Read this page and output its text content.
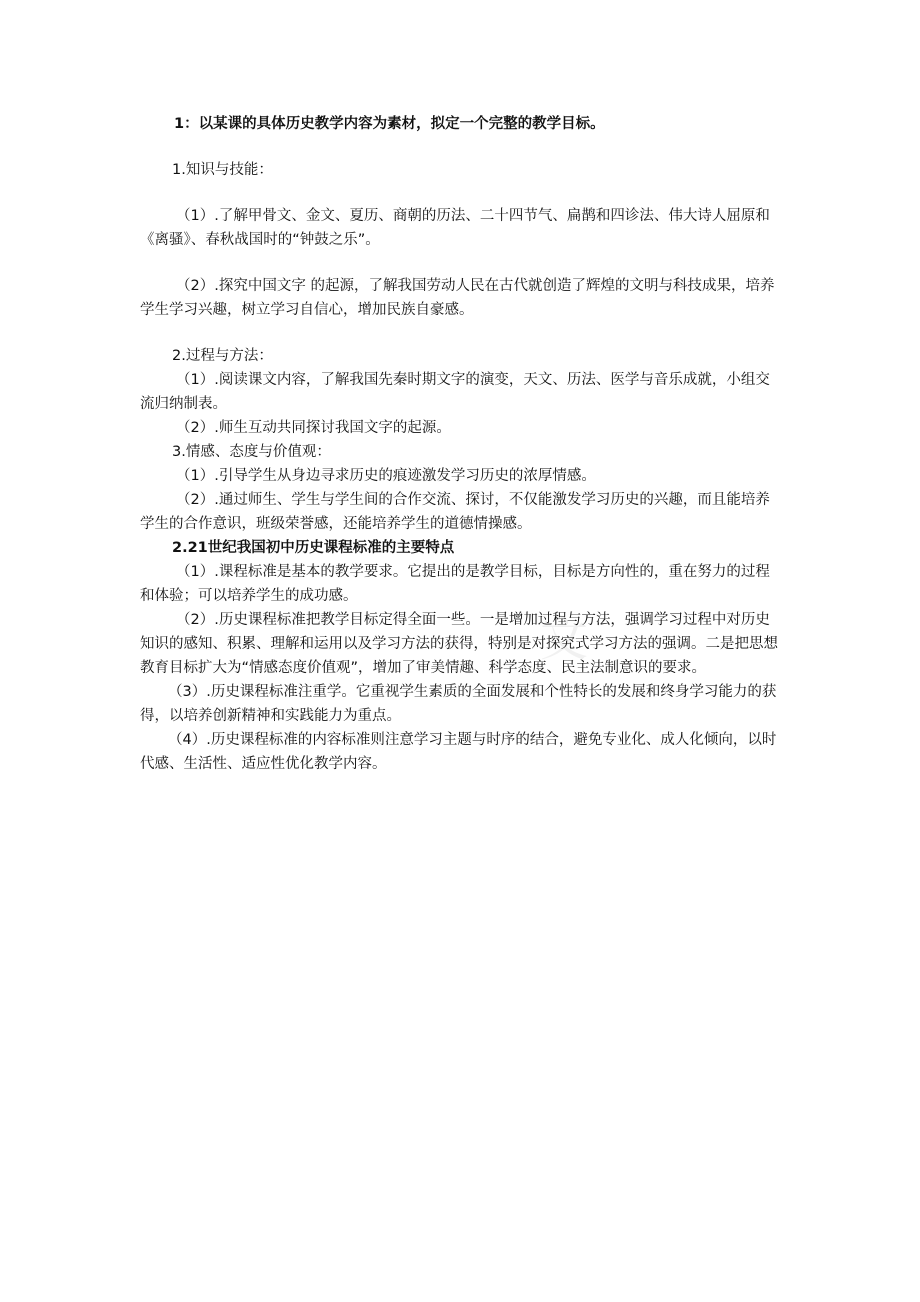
文

1：以某课的具体历史教学内容为素材，拟定一个完整的教学目标。

1.知识与技能：

（1）.了解甲骨文、金文、夏历、商朝的历法、二十四节气、扁鹊和四诊法、伟大诗人屈原和《离骚》、春秋战国时的“钟鼓之乐”。

（2）.探究中国文字 的起源，了解我国劳动人民在古代就创造了辉煌的文明与科技成果，培养学生学习兴趣，树立学习自信心，增加民族自豪感。

2.过程与方法：

（1）.阅读课文内容，了解我国先秦时期文字的演变，天文、历法、医学与音乐成就，小组交流归纳制表。

（2）.师生互动共同探讨我国文字的起源。

3.情感、态度与价值观：

（1）.引导学生从身边寻求历史的痕迹激发学习历史的浓厚情感。

（2）.通过师生、学生与学生间的合作交流、探讨，不仅能激发学习历史的兴趣，而且能培养学生的合作意识，班级荣誉感，还能培养学生的道德情操感。

2.21世纪我国初中历史课程标准的主要特点

（1）.课程标准是基本的教学要求。它提出的是教学目标，目标是方向性的，重在努力的过程和体验；可以培养学生的成功感。

（2）.历史课程标准把教学目标定得全面一些。一是增加过程与方法，强调学习过程中对历史知识的感知、积累、理解和运用以及学习方法的获得，特别是对探究式学习方法的强调。二是把思想教育目标扩大为“情感态度价值观”，增加了审美情趣、科学态度、民主法制意识的要求。

（3）.历史课程标准注重学。它重视学生素质的全面发展和个性特长的发展和终身学习能力的获得，以培养创新精神和实践能力为重点。

（4）.历史课程标准的内容标准则注意学习主题与时序的结合，避免专业化、成人化倾向，以时代感、生活性、适应性优化教学内容。
